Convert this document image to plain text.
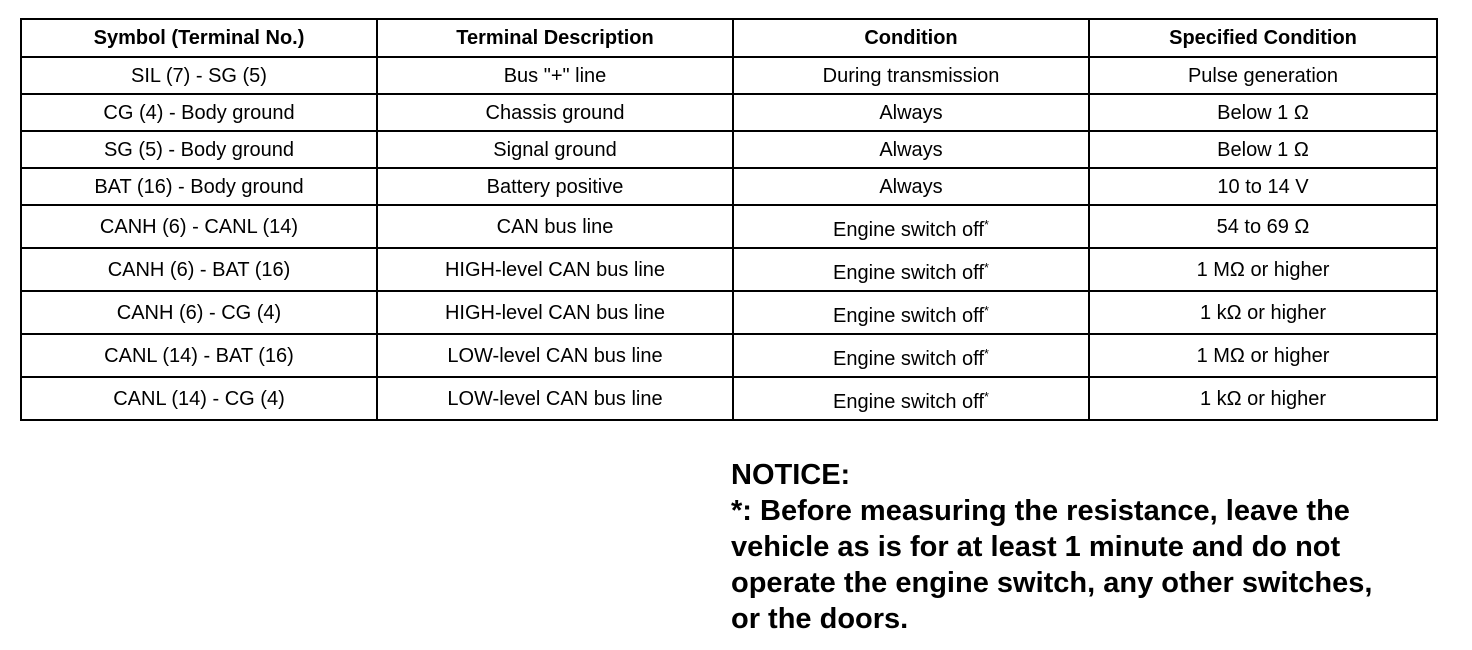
Symbol (Terminal No.)	Terminal Description	Condition	Specified Condition
SIL (7) - SG (5)	Bus "+" line	During transmission	Pulse generation
CG (4) - Body ground	Chassis ground	Always	Below 1 Ω
SG (5) - Body ground	Signal ground	Always	Below 1 Ω
BAT (16) - Body ground	Battery positive	Always	10 to 14 V
CANH (6) - CANL (14)	CAN bus line	Engine switch off*	54 to 69 Ω
CANH (6) - BAT (16)	HIGH-level CAN bus line	Engine switch off*	1 MΩ or higher
CANH (6) - CG (4)	HIGH-level CAN bus line	Engine switch off*	1 kΩ or higher
CANL (14) - BAT (16)	LOW-level CAN bus line	Engine switch off*	1 MΩ or higher
CANL (14) - CG (4)	LOW-level CAN bus line	Engine switch off*	1 kΩ or higher
NOTICE:
*: Before measuring the resistance, leave the
vehicle as is for at least 1 minute and do not
operate the engine switch, any other switches,
or the doors.
